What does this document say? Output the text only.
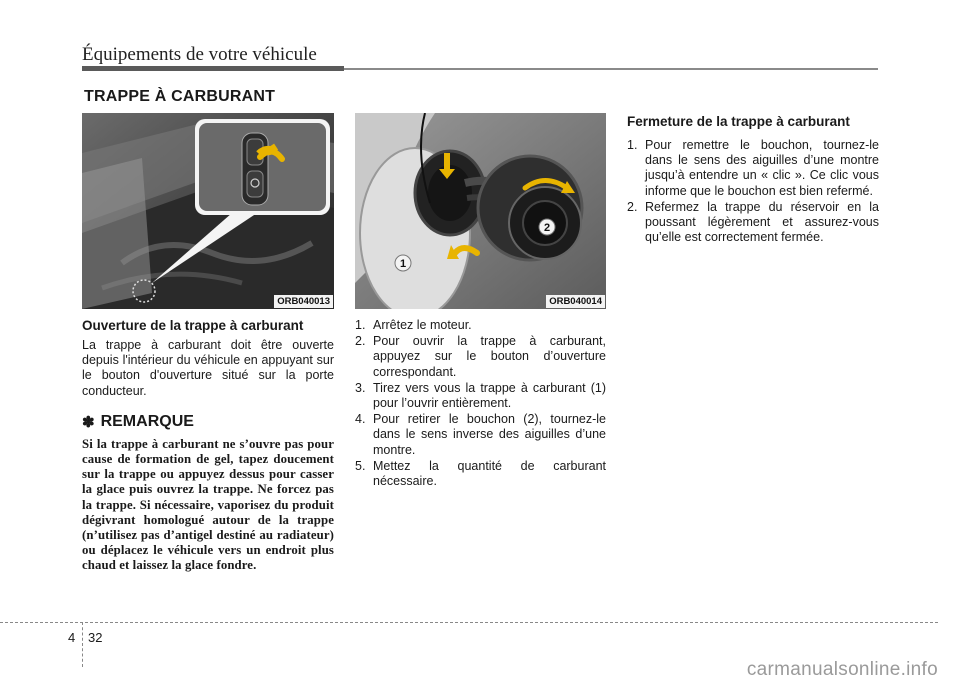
Équipements de votre véhicule
TRAPPE À CARBURANT
ORB040013
1
2
ORB040014
Ouverture de la trappe à carburant

La trappe à carburant doit être ouverte depuis l'intérieur du véhicule en appuyant sur le bouton d'ouverture situé sur la porte conducteur.

✽ REMARQUE

Si la trappe à carburant ne s’ouvre pas pour cause de formation de gel, tapez doucement sur la trappe ou appuyez dessus pour casser la glace puis ouvrez la trappe. Ne forcez pas la trappe. Si nécessaire, vaporisez du produit dégivrant homologué autour de la trappe (n’utilisez pas d’antigel destiné au radiateur) ou déplacez le véhicule vers un endroit plus chaud et laissez la glace fondre.

1. Arrêtez le moteur.
2. Pour ouvrir la trappe à carburant, appuyez sur le bouton d’ouverture correspondant.
3. Tirez vers vous la trappe à carburant (1) pour l’ouvrir entièrement.
4. Pour retirer le bouchon (2), tournez-le dans le sens inverse des aiguilles d’une montre.
5. Mettez la quantité de carburant nécessaire.
Fermeture de la trappe à carburant
1. Pour remettre le bouchon, tournez-le dans le sens des aiguilles d’une montre jusqu’à entendre un « clic ». Ce clic vous informe que le bouchon est bien refermé.
2. Refermez la trappe du réservoir en la poussant légèrement et assurez-vous qu’elle est correctement fermée.
4 32
carmanualsonline.info
